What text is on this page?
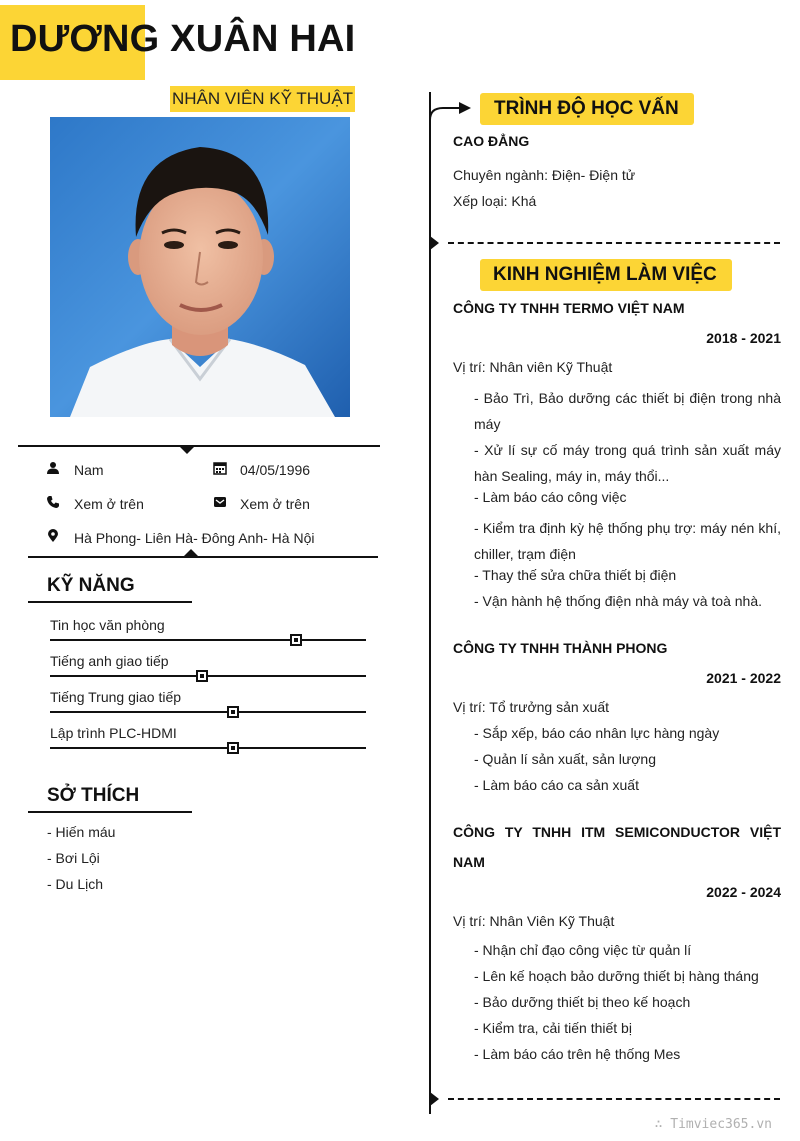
DƯƠNG XUÂN HAI
NHÂN VIÊN KỸ THUẬT
Nam	04/05/1996
Xem ở trên	Xem ở trên
Hà Phong- Liên Hà- Đông Anh- Hà Nội
KỸ NĂNG
Tin học văn phòng
Tiếng anh giao tiếp
Tiếng Trung giao tiếp
Lập trình PLC-HDMI
SỞ THÍCH
- Hiến máu
- Bơi Lội
- Du Lịch
TRÌNH ĐỘ HỌC VẤN
CAO ĐẲNG
Chuyên ngành: Điện- Điện tử
Xếp loại: Khá
KINH NGHIỆM LÀM VIỆC
CÔNG TY TNHH TERMO VIỆT NAM
2018 - 2021
Vị trí: Nhân viên Kỹ Thuật
- Bảo Trì, Bảo dưỡng các thiết bị điện trong nhà máy
- Xử lí sự cố máy trong quá trình sản xuất máy hàn Sealing, máy in, máy thổi...
- Làm báo cáo công việc
- Kiểm tra định kỳ hệ thống phụ trợ: máy nén khí, chiller, trạm điện
- Thay thế sửa chữa thiết bị điện
- Vận hành hệ thống điện nhà máy và toà nhà.
CÔNG TY TNHH THÀNH PHONG
2021 - 2022
Vị trí: Tổ trưởng sản xuất
- Sắp xếp, báo cáo nhân lực hàng ngày
- Quản lí sản xuất, sản lượng
- Làm báo cáo ca sản xuất
CÔNG TY TNHH ITM SEMICONDUCTOR VIỆT NAM
2022 - 2024
Vị trí: Nhân Viên Kỹ Thuật
- Nhận chỉ đạo công việc từ quản lí
- Lên kế hoạch bảo dưỡng thiết bị hàng tháng
- Bảo dưỡng thiết bị theo kế hoạch
- Kiểm tra, cải tiến thiết bị
- Làm báo cáo trên hệ thống Mes
∴ Timviec365.vn
